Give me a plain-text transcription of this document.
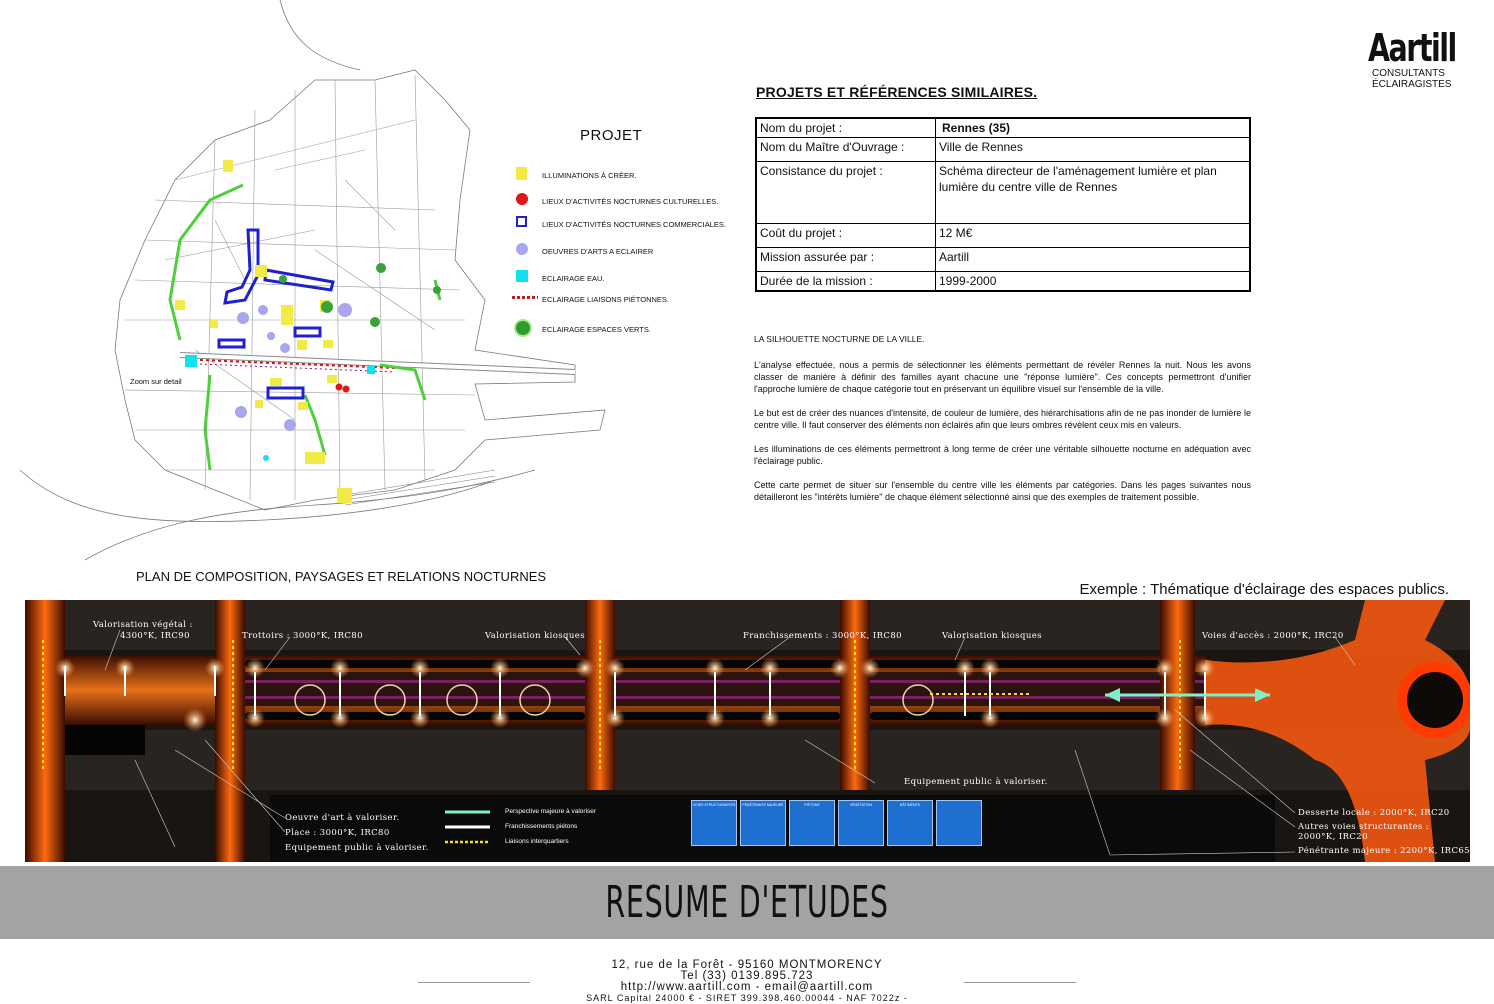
PROJET
ILLUMINATIONS À CRÉER.
LIEUX D'ACTIVITÉS NOCTURNES CULTURELLES.
LIEUX D'ACTIVITÉS NOCTURNES COMMERCIALES.
OEUVRES D'ARTS A ECLAIRER
ECLAIRAGE EAU.
ECLAIRAGE LIAISONS PIÉTONNES.
ECLAIRAGE ESPACES VERTS.
Zoom sur detail
Aartill
CONSULTANTS
ÉCLAIRAGISTES
PROJETS ET RÉFÉRENCES SIMILAIRES.
Nom du projet :	Rennes (35)
Nom du Maître d'Ouvrage :	Ville de Rennes
Consistance du projet :	Schéma directeur de l'aménagement lumière et plan lumière du centre ville de Rennes
Coût du projet :	12 M€
Mission assurée par :	Aartill
Durée de la mission :	1999-2000

LA SILHOUETTE NOCTURNE DE LA VILLE.

L'analyse effectuée, nous a permis de sélectionner les éléments permettant de révéler Rennes la nuit. Nous les avons classer de manière à définir des familles ayant chacune une "réponse lumière". Ces concepts permettront d'unifier l'approche lumière de chaque catégorie tout en préservant un équilibre visuel sur l'ensemble de la ville.

Le but est de créer des nuances d'intensité, de couleur de lumière, des hiérarchisations afin de ne pas inonder de lumière le centre ville. Il faut conserver des éléments non éclairés afin que leurs ombres révèlent ceux mis en valeurs.

Les illuminations de ces éléments permettront à long terme de créer une véritable silhouette nocturne en adéquation avec l'éclairage public.

Cette carte permet de situer sur l'ensemble du centre ville les éléments par catégories. Dans les pages suivantes nous détailleront les "intérêts lumière" de chaque élément sélectionné ainsi que des exemples de traitement possible.

PLAN DE COMPOSITION, PAYSAGES ET RELATIONS NOCTURNES
Exemple : Thématique d'éclairage des espaces publics.
Valorisation végétal :
4300°K, IRC90	Trottoirs : 3000°K, IRC80	Valorisation kiosques	Franchissements : 3000°K, IRC80	Valorisation kiosques	Voies d'accès : 2000°K, IRC20
Equipement public à valoriser.
Oeuvre d'art à valoriser.
Place : 3000°K, IRC80
Equipement public à valoriser.
Desserte locale : 2000°K, IRC20
Autres voies structurantes :
2000°K, IRC20
Pénétrante majeure : 2200°K, IRC65
Perspective majeure à valoriser
Franchissements piétons
Liaisons interquartiers
VOIES STRUCTURANTES	PÉNÉTRANTE MAJEURE	PIÉTONS	VÉGÉTATION	BÂTIMENTS
RESUME D'ETUDES
12, rue de la Forêt - 95160 MONTMORENCY
Tel (33) 0139.895.723
http://www.aartill.com - email@aartill.com
SARL Capital 24000 € - SIRET 399.398.460.00044 - NAF 7022z -
